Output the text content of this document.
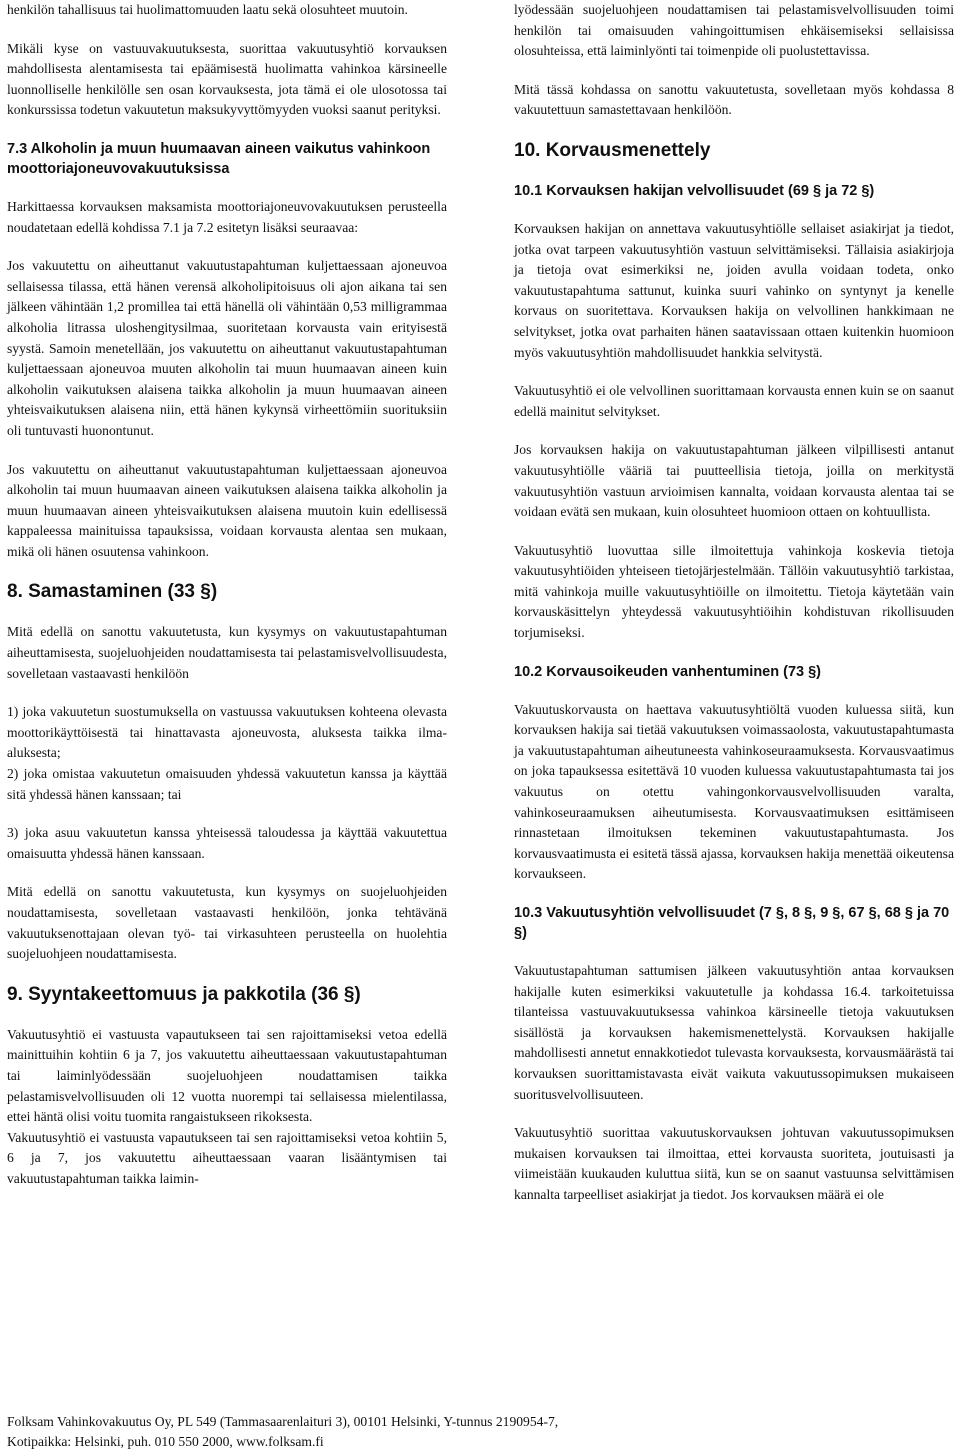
henkilön tahallisuus tai huolimattomuuden laatu sekä olosuhteet muutoin.

Mikäli kyse on vastuuvakuutuksesta, suorittaa vakuutusyhtiö korvauksen mahdollisesta alentamisesta tai epäämisestä huolimatta vahinkoa kärsineelle luonnolliselle henkilölle sen osan korvauksesta, jota tämä ei ole ulosotossa tai konkurssissa todetun vakuutetun maksukyvyttömyyden vuoksi saanut perityksi.

7.3 Alkoholin ja muun huumaavan aineen vaikutus vahinkoon moottoriajoneuvovakuutuksissa

Harkittaessa korvauksen maksamista moottoriajoneuvovakuutuksen perusteella noudatetaan edellä kohdissa 7.1 ja 7.2 esitetyn lisäksi seuraavaa:

Jos vakuutettu on aiheuttanut vakuutustapahtuman kuljettaessaan ajoneuvoa sellaisessa tilassa, että hänen verensä alkoholipitoisuus oli ajon aikana tai sen jälkeen vähintään 1,2 promillea tai että hänellä oli vähintään 0,53 milligrammaa alkoholia litrassa uloshengitysilmaa, suoritetaan korvausta vain erityisestä syystä. Samoin menetellään, jos vakuutettu on aiheuttanut vakuutustapahtuman kuljettaessaan ajoneuvoa muuten alkoholin tai muun huumaavan aineen kuin alkoholin vaikutuksen alaisena taikka alkoholin ja muun huumaavan aineen yhteisvaikutuksen alaisena niin, että hänen kykynsä virheettömiin suorituksiin oli tuntuvasti huonontunut.

Jos vakuutettu on aiheuttanut vakuutustapahtuman kuljettaessaan ajoneuvoa alkoholin tai muun huumaavan aineen vaikutuksen alaisena taikka alkoholin ja muun huumaavan aineen yhteisvaikutuksen alaisena muutoin kuin edellisessä kappaleessa mainituissa tapauksissa, voidaan korvausta alentaa sen mukaan, mikä oli hänen osuutensa vahinkoon.

8. Samastaminen (33 §)

Mitä edellä on sanottu vakuutetusta, kun kysymys on vakuutustapahtuman aiheuttamisesta, suojeluohjeiden noudattamisesta tai pelastamisvelvollisuudesta, sovelletaan vastaavasti henkilöön

1) joka vakuutetun suostumuksella on vastuussa vakuutuksen kohteena olevasta moottorikäyttöisestä tai hinattavasta ajoneuvosta, aluksesta taikka ilma-aluksesta;

2) joka omistaa vakuutetun omaisuuden yhdessä vakuutetun kanssa ja käyttää sitä yhdessä hänen kanssaan; tai

3) joka asuu vakuutetun kanssa yhteisessä taloudessa ja käyttää vakuutettua omaisuutta yhdessä hänen kanssaan.

Mitä edellä on sanottu vakuutetusta, kun kysymys on suojeluohjeiden noudattamisesta, sovelletaan vastaavasti henkilöön, jonka tehtävänä vakuutuksenottajaan olevan työ- tai virkasuhteen perusteella on huolehtia suojeluohjeen noudattamisesta.

9. Syyntakeettomuus ja pakkotila (36 §)

Vakuutusyhtiö ei vastuusta vapautukseen tai sen rajoittamiseksi vetoa edellä mainittuihin kohtiin 6 ja 7, jos vakuutettu aiheuttaessaan vakuutustapahtuman tai laiminlyödessään suojeluohjeen noudattamisen taikka pelastamisvelvollisuuden oli 12 vuotta nuorempi tai sellaisessa mielentilassa, ettei häntä olisi voitu tuomita rangaistukseen rikoksesta.

Vakuutusyhtiö ei vastuusta vapautukseen tai sen rajoittamiseksi vetoa kohtiin 5, 6 ja 7, jos vakuutettu aiheuttaessaan vaaran lisääntymisen tai vakuutustapahtuman taikka laimin-

lyödessään suojeluohjeen noudattamisen tai pelastamisvelvollisuuden toimi henkilön tai omaisuuden vahingoittumisen ehkäisemiseksi sellaisissa olosuhteissa, että laiminlyönti tai toimenpide oli puolustettavissa.

Mitä tässä kohdassa on sanottu vakuutetusta, sovelletaan myös kohdassa 8 vakuutettuun samastettavaan henkilöön.

10. Korvausmenettely
10.1 Korvauksen hakijan velvollisuudet (69 § ja 72 §)

Korvauksen hakijan on annettava vakuutusyhtiölle sellaiset asiakirjat ja tiedot, jotka ovat tarpeen vakuutusyhtiön vastuun selvittämiseksi. Tällaisia asiakirjoja ja tietoja ovat esimerkiksi ne, joiden avulla voidaan todeta, onko vakuutustapahtuma sattunut, kuinka suuri vahinko on syntynyt ja kenelle korvaus on suoritettava. Korvauksen hakija on velvollinen hankkimaan ne selvitykset, jotka ovat parhaiten hänen saatavissaan ottaen kuitenkin huomioon myös vakuutusyhtiön mahdollisuudet hankkia selvitystä.

Vakuutusyhtiö ei ole velvollinen suorittamaan korvausta ennen kuin se on saanut edellä mainitut selvitykset.

Jos korvauksen hakija on vakuutustapahtuman jälkeen vilpillisesti antanut vakuutusyhtiölle vääriä tai puutteellisia tietoja, joilla on merkitystä vakuutusyhtiön vastuun arvioimisen kannalta, voidaan korvausta alentaa tai se voidaan evätä sen mukaan, kuin olosuhteet huomioon ottaen on kohtuullista.

Vakuutusyhtiö luovuttaa sille ilmoitettuja vahinkoja koskevia tietoja vakuutusyhtiöiden yhteiseen tietojärjestelmään. Tällöin vakuutusyhtiö tarkistaa, mitä vahinkoja muille vakuutusyhtiöille on ilmoitettu. Tietoja käytetään vain korvauskäsittelyn yhteydessä vakuutusyhtiöihin kohdistuvan rikollisuuden torjumiseksi.

10.2 Korvausoikeuden vanhentuminen (73 §)

Vakuutuskorvausta on haettava vakuutusyhtiöltä vuoden kuluessa siitä, kun korvauksen hakija sai tietää vakuutuksen voimassaolosta, vakuutustapahtumasta ja vakuutustapahtuman aiheutuneesta vahinkoseuraamuksesta. Korvausvaatimus on joka tapauksessa esitettävä 10 vuoden kuluessa vakuutustapahtumasta tai jos vakuutus on otettu vahingonkorvausvelvollisuuden varalta, vahinkoseuraamuksen aiheutumisesta. Korvausvaatimuksen esittämiseen rinnastetaan ilmoituksen tekeminen vakuutustapahtumasta. Jos korvausvaatimusta ei esitetä tässä ajassa, korvauksen hakija menettää oikeutensa korvaukseen.

10.3 Vakuutusyhtiön velvollisuudet (7 §, 8 §, 9 §, 67 §, 68 § ja 70 §)

Vakuutustapahtuman sattumisen jälkeen vakuutusyhtiön antaa korvauksen hakijalle kuten esimerkiksi vakuutetulle ja kohdassa 16.4. tarkoitetuissa tilanteissa vastuuvakuutuksessa vahinkoa kärsineelle tietoja vakuutuksen sisällöstä ja korvauksen hakemismenettelystä. Korvauksen hakijalle mahdollisesti annetut ennakkotiedot tulevasta korvauksesta, korvausmäärästä tai korvauksen suorittamistavasta eivät vaikuta vakuutussopimuksen mukaiseen suoritusvelvollisuuteen.

Vakuutusyhtiö suorittaa vakuutuskorvauksen johtuvan vakuutussopimuksen mukaisen korvauksen tai ilmoittaa, ettei korvausta suoriteta, joutuisasti ja viimeistään kuukauden kuluttua siitä, kun se on saanut vastuunsa selvittämisen kannalta tarpeelliset asiakirjat ja tiedot. Jos korvauksen määrä ei ole

Folksam Vahinkovakuutus Oy, PL 549 (Tammasaarenlaituri 3), 00101 Helsinki, Y-tunnus 2190954-7,
Kotipaikka: Helsinki, puh. 010 550 2000, www.folksam.fi
